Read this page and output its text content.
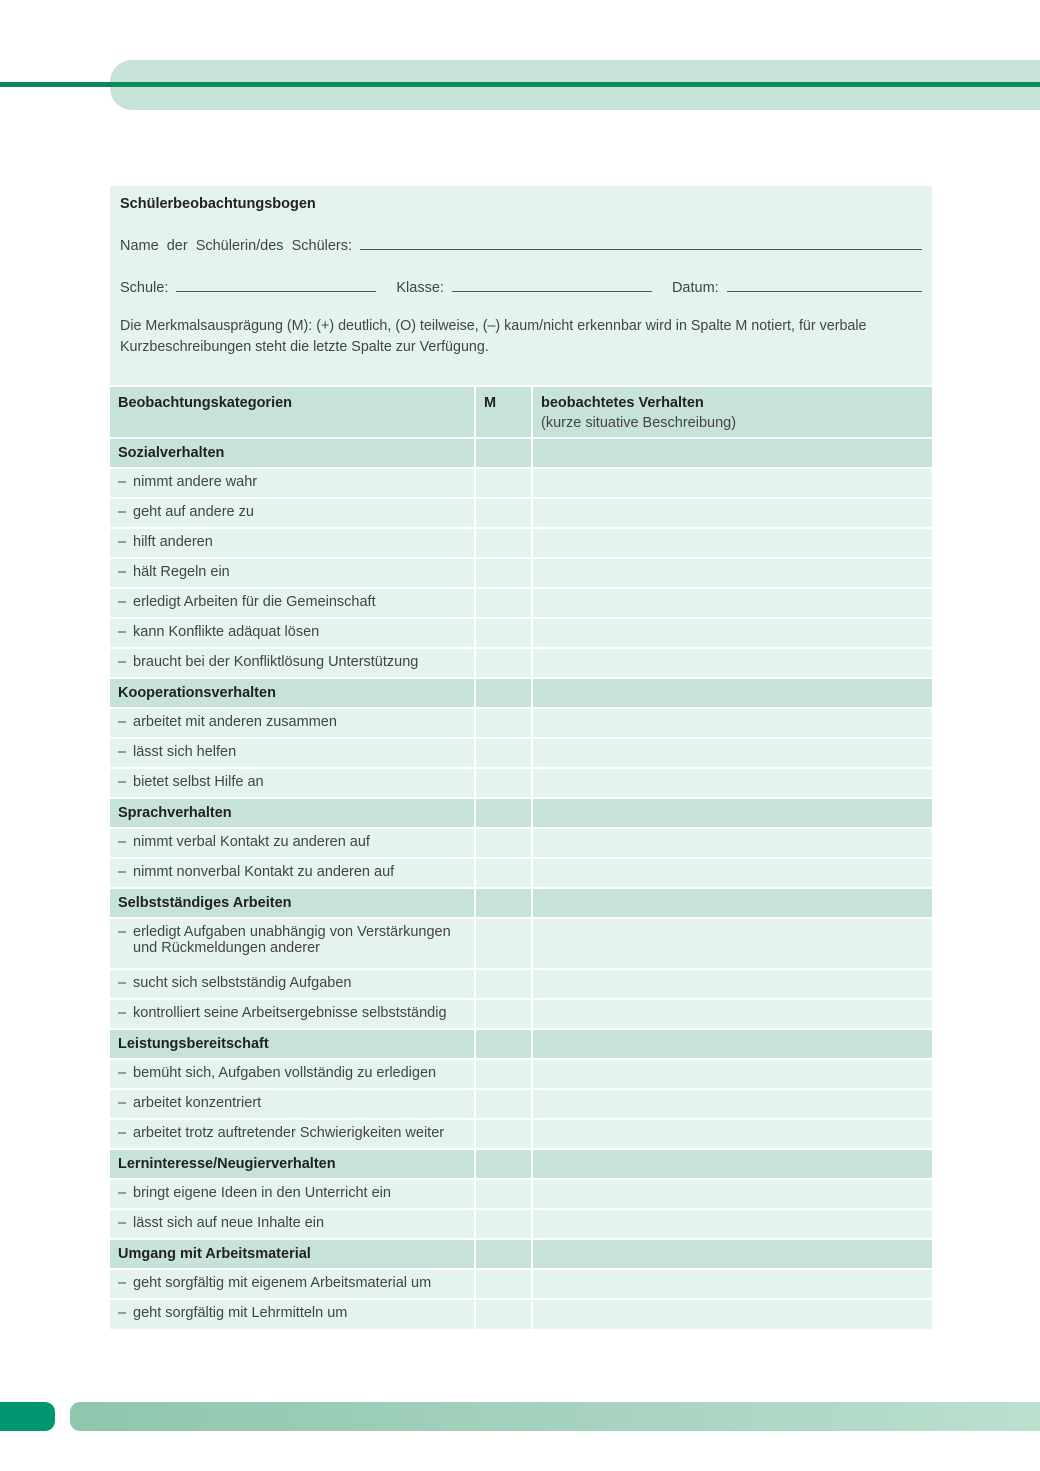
Schülerbeobachtungsbogen
Name der Schülerin/des Schülers:
Schule:	Klasse:	Datum:
Die Merkmalsausprägung (M): (+) deutlich, (O) teilweise, (–) kaum/nicht erkennbar wird in Spalte M notiert, für verbale Kurzbeschreibungen steht die letzte Spalte zur Verfügung.
Beobachtungskategorien	M	beobachtetes Verhalten
(kurze situative Beschreibung)

Sozialverhalten		

– nimmt andere wahr		

– geht auf andere zu		

– hilft anderen		

– hält Regeln ein		

– erledigt Arbeiten für die Gemeinschaft		

– kann Konflikte adäquat lösen		

– braucht bei der Konfliktlösung Unterstützung		

Kooperationsverhalten		

– arbeitet mit anderen zusammen		

– lässt sich helfen		

– bietet selbst Hilfe an		

Sprachverhalten		

– nimmt verbal Kontakt zu anderen auf		

– nimmt nonverbal Kontakt zu anderen auf		

Selbstständiges Arbeiten		

– erledigt Aufgaben unabhängig von Verstärkungen und Rückmeldungen anderer		

– sucht sich selbstständig Aufgaben		

– kontrolliert seine Arbeitsergebnisse selbstständig		

Leistungsbereitschaft		

– bemüht sich, Aufgaben vollständig zu erledigen		

– arbeitet konzentriert		

– arbeitet trotz auftretender Schwierigkeiten weiter		

Lerninteresse/Neugierverhalten		

– bringt eigene Ideen in den Unterricht ein		

– lässt sich auf neue Inhalte ein		

Umgang mit Arbeitsmaterial		

– geht sorgfältig mit eigenem Arbeitsmaterial um		

– geht sorgfältig mit Lehrmitteln um		
